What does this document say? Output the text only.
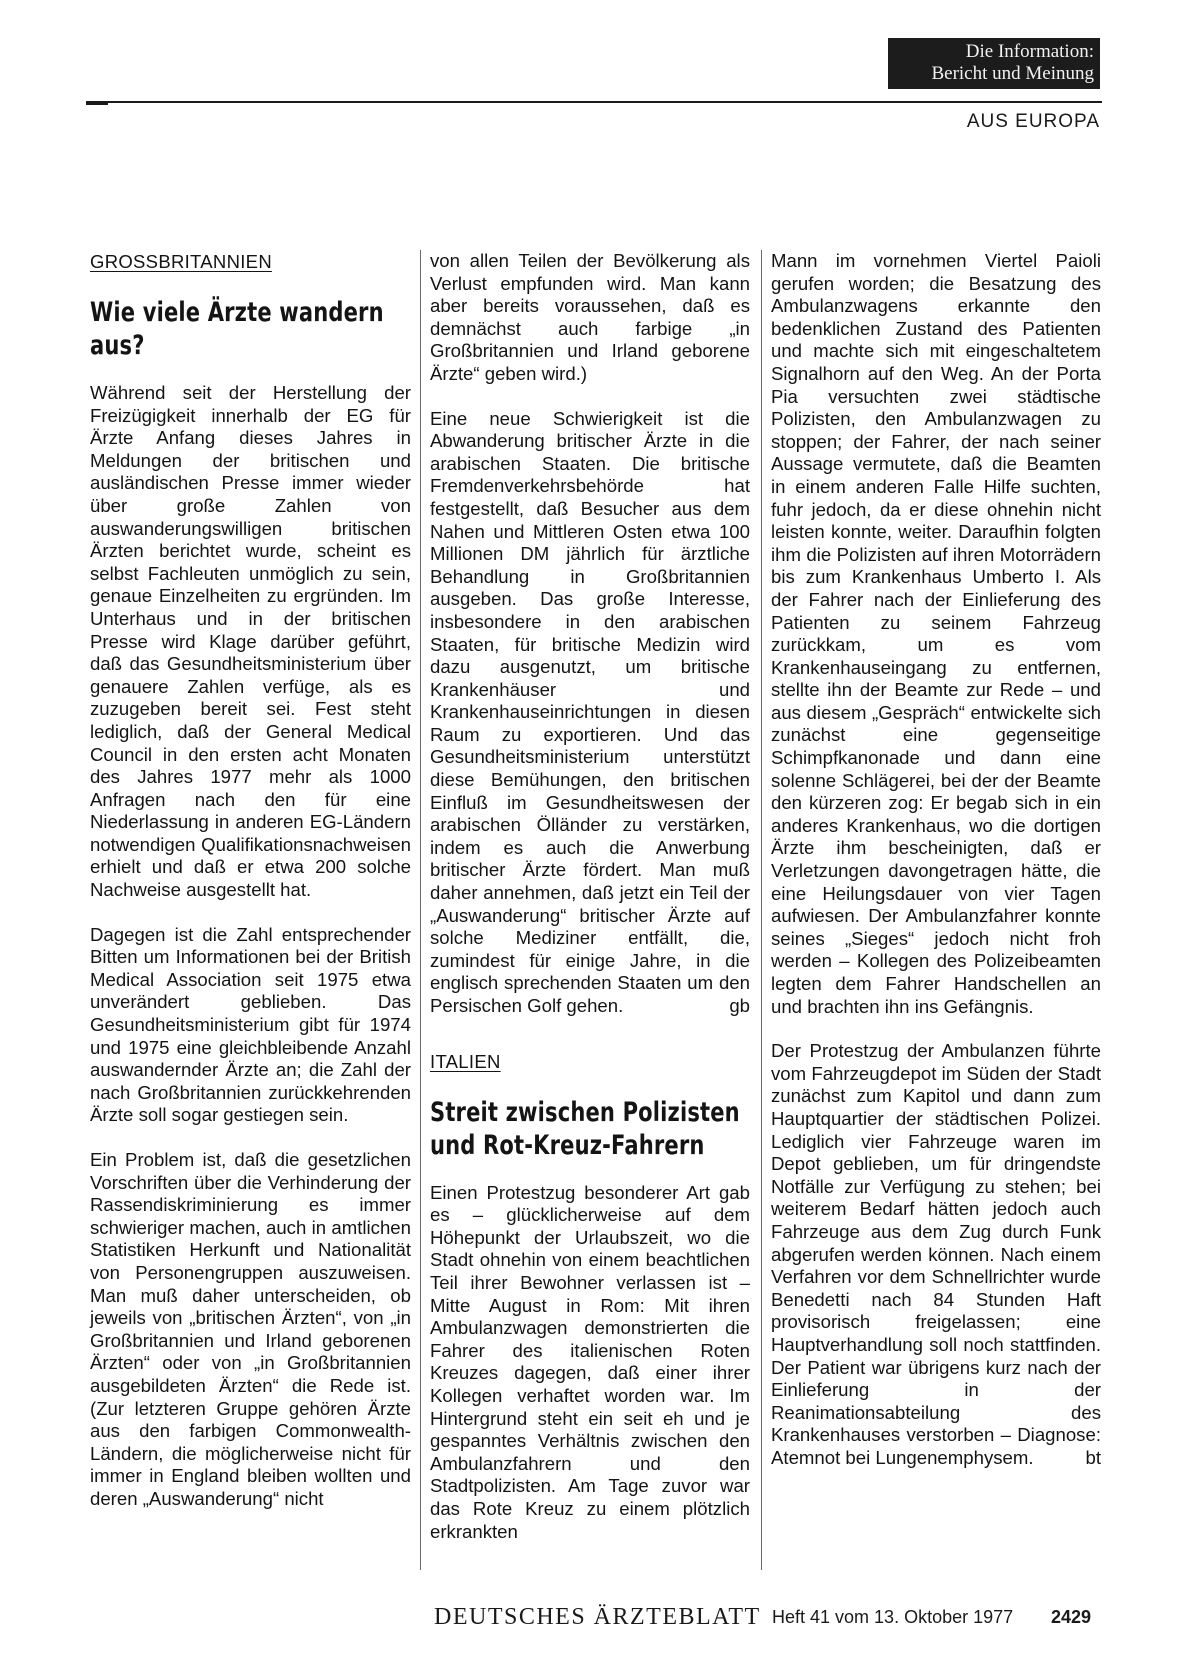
Die Information:
Bericht und Meinung
AUS EUROPA
GROSSBRITANNIEN
Wie viele Ärzte wandern aus?

Während seit der Herstellung der Freizügigkeit innerhalb der EG für Ärzte Anfang dieses Jahres in Meldungen der britischen und ausländischen Presse immer wieder über große Zahlen von auswanderungswilligen britischen Ärzten berichtet wurde, scheint es selbst Fachleuten unmöglich zu sein, genaue Einzelheiten zu ergründen. Im Unterhaus und in der britischen Presse wird Klage darüber geführt, daß das Gesundheitsministerium über genauere Zahlen verfüge, als es zuzugeben bereit sei. Fest steht lediglich, daß der General Medical Council in den ersten acht Monaten des Jahres 1977 mehr als 1000 Anfragen nach den für eine Niederlassung in anderen EG-Ländern notwendigen Qualifikationsnachweisen erhielt und daß er etwa 200 solche Nachweise ausgestellt hat.

Dagegen ist die Zahl entsprechender Bitten um Informationen bei der British Medical Association seit 1975 etwa unverändert geblieben. Das Gesundheitsministerium gibt für 1974 und 1975 eine gleichbleibende Anzahl auswandernder Ärzte an; die Zahl der nach Großbritannien zurückkehrenden Ärzte soll sogar gestiegen sein.

Ein Problem ist, daß die gesetzlichen Vorschriften über die Verhinderung der Rassendiskriminierung es immer schwieriger machen, auch in amtlichen Statistiken Herkunft und Nationalität von Personengruppen auszuweisen. Man muß daher unterscheiden, ob jeweils von „britischen Ärzten“, von „in Großbritannien und Irland geborenen Ärzten“ oder von „in Großbritannien ausgebildeten Ärzten“ die Rede ist. (Zur letzteren Gruppe gehören Ärzte aus den farbigen Commonwealth-Ländern, die möglicherweise nicht für immer in England bleiben wollten und deren „Auswanderung“ nicht

von allen Teilen der Bevölkerung als Verlust empfunden wird. Man kann aber bereits voraussehen, daß es demnächst auch farbige „in Großbritannien und Irland geborene Ärzte“ geben wird.)

Eine neue Schwierigkeit ist die Abwanderung britischer Ärzte in die arabischen Staaten. Die britische Fremdenverkehrsbehörde hat festgestellt, daß Besucher aus dem Nahen und Mittleren Osten etwa 100 Millionen DM jährlich für ärztliche Behandlung in Großbritannien ausgeben. Das große Interesse, insbesondere in den arabischen Staaten, für britische Medizin wird dazu ausgenutzt, um britische Krankenhäuser und Krankenhauseinrichtungen in diesen Raum zu exportieren. Und das Gesundheitsministerium unterstützt diese Bemühungen, den britischen Einfluß im Gesundheitswesen der arabischen Ölländer zu verstärken, indem es auch die Anwerbung britischer Ärzte fördert. Man muß daher annehmen, daß jetzt ein Teil der „Auswanderung“ britischer Ärzte auf solche Mediziner entfällt, die, zumindest für einige Jahre, in die englisch sprechenden Staaten um den Persischen Golf gehen.	gb

ITALIEN
Streit zwischen Polizisten und Rot-Kreuz-Fahrern

Einen Protestzug besonderer Art gab es – glücklicherweise auf dem Höhepunkt der Urlaubszeit, wo die Stadt ohnehin von einem beachtlichen Teil ihrer Bewohner verlassen ist – Mitte August in Rom: Mit ihren Ambulanzwagen demonstrierten die Fahrer des italienischen Roten Kreuzes dagegen, daß einer ihrer Kollegen verhaftet worden war. Im Hintergrund steht ein seit eh und je gespanntes Verhältnis zwischen den Ambulanzfahrern und den Stadtpolizisten. Am Tage zuvor war das Rote Kreuz zu einem plötzlich erkrankten

Mann im vornehmen Viertel Paioli gerufen worden; die Besatzung des Ambulanzwagens erkannte den bedenklichen Zustand des Patienten und machte sich mit eingeschaltetem Signalhorn auf den Weg. An der Porta Pia versuchten zwei städtische Polizisten, den Ambulanzwagen zu stoppen; der Fahrer, der nach seiner Aussage vermutete, daß die Beamten in einem anderen Falle Hilfe suchten, fuhr jedoch, da er diese ohnehin nicht leisten konnte, weiter. Daraufhin folgten ihm die Polizisten auf ihren Motorrädern bis zum Krankenhaus Umberto I. Als der Fahrer nach der Einlieferung des Patienten zu seinem Fahrzeug zurückkam, um es vom Krankenhauseingang zu entfernen, stellte ihn der Beamte zur Rede – und aus diesem „Gespräch“ entwickelte sich zunächst eine gegenseitige Schimpfkanonade und dann eine solenne Schlägerei, bei der der Beamte den kürzeren zog: Er begab sich in ein anderes Krankenhaus, wo die dortigen Ärzte ihm bescheinigten, daß er Verletzungen davongetragen hätte, die eine Heilungsdauer von vier Tagen aufwiesen. Der Ambulanzfahrer konnte seines „Sieges“ jedoch nicht froh werden – Kollegen des Polizeibeamten legten dem Fahrer Handschellen an und brachten ihn ins Gefängnis.

Der Protestzug der Ambulanzen führte vom Fahrzeugdepot im Süden der Stadt zunächst zum Kapitol und dann zum Hauptquartier der städtischen Polizei. Lediglich vier Fahrzeuge waren im Depot geblieben, um für dringendste Notfälle zur Verfügung zu stehen; bei weiterem Bedarf hätten jedoch auch Fahrzeuge aus dem Zug durch Funk abgerufen werden können. Nach einem Verfahren vor dem Schnellrichter wurde Benedetti nach 84 Stunden Haft provisorisch freigelassen; eine Hauptverhandlung soll noch stattfinden. Der Patient war übrigens kurz nach der Einlieferung in der Reanimationsabteilung des Krankenhauses verstorben – Diagnose: Atemnot bei Lungenemphysem.	bt

DEUTSCHES ÄRZTEBLATT Heft 41 vom 13. Oktober 1977 2429
